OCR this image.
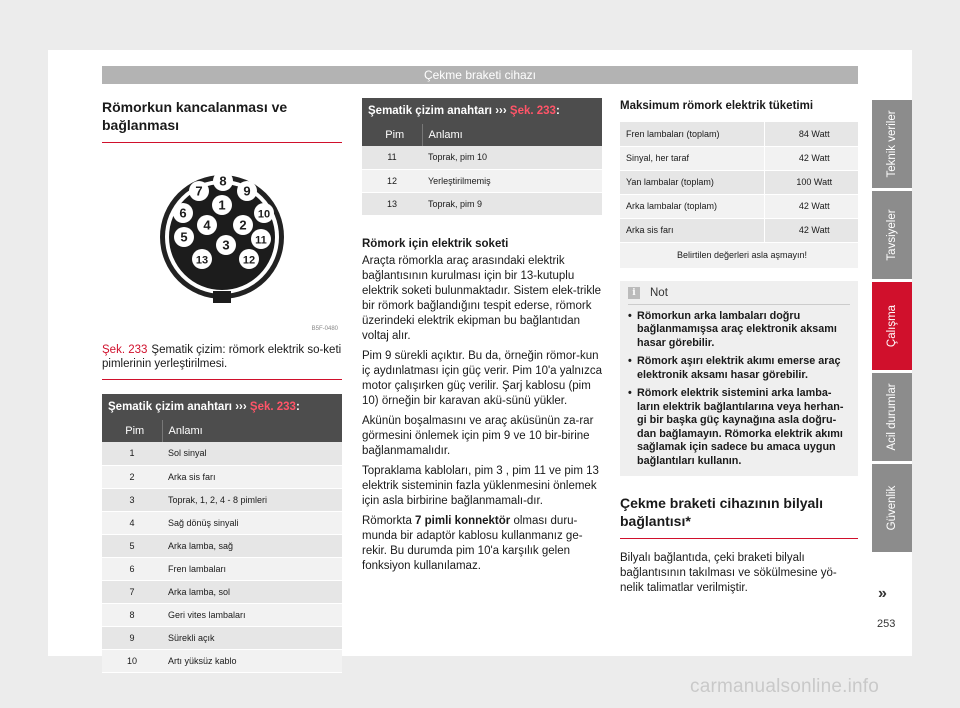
Çekme braketi cihazı
Römorkun kancalanması ve bağlanması
1
2
3
4
5
6
7
8
9
10
11
12
13
B5F-0480
Şek. 233 Şematik çizim: römork elektrik so-keti pimlerinin yerleştirilmesi.
Şematik çizim anahtarı ››› Şek. 233:
Pim	Anlamı
1	Sol sinyal
2	Arka sis farı
3	Toprak, 1, 2, 4 - 8 pimleri
4	Sağ dönüş sinyali
5	Arka lamba, sağ
6	Fren lambaları
7	Arka lamba, sol
8	Geri vites lambaları
9	Sürekli açık
10	Artı yüksüz kablo
Şematik çizim anahtarı ››› Şek. 233:
Pim	Anlamı
11	Toprak, pim 10
12	Yerleştirilmemiş
13	Toprak, pim 9
Römork için elektrik soketi
Araçta römorkla araç arasındaki elektrik bağlantısının kurulması için bir 13-kutuplu elektrik soketi bulunmaktadır. Sistem elek-trikle bir römork bağlandığını tespit ederse, römork üzerindeki elektrik ekipman bu bağlantıdan voltaj alır.
Pim 9 sürekli açıktır. Bu da, örneğin römor-kun iç aydınlatması için güç verir. Pim 10'a yalnızca motor çalışırken güç verilir. Şarj kablosu (pim 10) örneğin bir karavan akü-sünü yükler.
Akünün boşalmasını ve araç aküsünün za-rar görmesini önlemek için pim 9 ve 10 bir-birine bağlanmamalıdır.
Topraklama kabloları, pim 3 , pim 11 ve pim 13 elektrik sisteminin fazla yüklenmesini önlemek için asla birbirine bağlanmamalı-dır.
Römorkta 7 pimli konnektör olması duru-munda bir adaptör kablosu kullanmanız ge-rekir. Bu durumda pim 10'a karşılık gelen fonksiyon kullanılamaz.
Maksimum römork elektrik tüketimi
Fren lambaları (toplam)	84 Watt
Sinyal, her taraf	42 Watt
Yan lambalar (toplam)	100 Watt
Arka lambalar (toplam)	42 Watt
Arka sis farı	42 Watt
Belirtilen değerleri asla aşmayın!	
i	Not
• Römorkun arka lambaları doğru bağlanmamışsa araç elektronik aksamı hasar görebilir.
• Römork aşırı elektrik akımı emerse araç elektronik aksamı hasar görebilir.
• Römork elektrik sistemini arka lamba-ların elektrik bağlantılarına veya herhan-gi bir başka güç kaynağına asla doğru-dan bağlamayın. Römorka elektrik akımı sağlamak için sadece bu amaca uygun bağlantıları kullanın.
Çekme braketi cihazının bilyalı bağlantısı*
Bilyalı bağlantıda, çeki braketi bilyalı bağlantısının takılması ve sökülmesine yö-nelik talimatlar verilmiştir.
Teknik veriler
Tavsiyeler
Çalışma
Acil durumlar
Güvenlik
»
253
carmanualsonline.info
